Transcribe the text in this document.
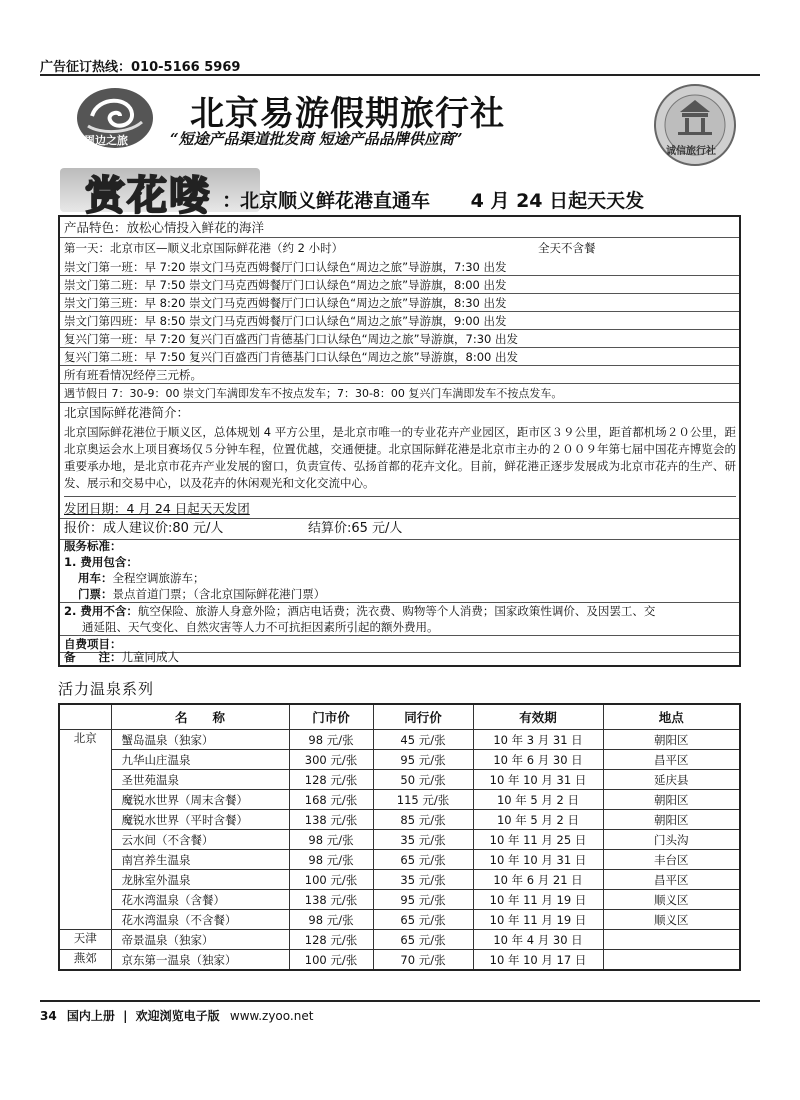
广告征订热线：010-5166 5969
周边之旅
北京易游假期旅行社
“短途产品渠道批发商 短途产品品牌供应商”
诚信旅行社
赏花喽 ：
北京顺义鲜花港直通车 4 月 24 日起天天发
产品特色：放松心情投入鲜花的海洋
第一天：北京市区—顺义北京国际鲜花港（约 2 小时）	全天不含餐
崇文门第一班：早 7:20 崇文门马克西姆餐厅门口认绿色“周边之旅”导游旗，7:30 出发
崇文门第二班：早 7:50 崇文门马克西姆餐厅门口认绿色“周边之旅”导游旗，8:00 出发
崇文门第三班：早 8:20 崇文门马克西姆餐厅门口认绿色“周边之旅”导游旗，8:30 出发
崇文门第四班：早 8:50 崇文门马克西姆餐厅门口认绿色“周边之旅”导游旗，9:00 出发
复兴门第一班：早 7:20 复兴门百盛西门肯德基门口认绿色“周边之旅”导游旗，7:30 出发
复兴门第二班：早 7:50 复兴门百盛西门肯德基门口认绿色“周边之旅”导游旗，8:00 出发
所有班看情况经停三元桥。
遇节假日 7：30-9：00 崇文门车满即发车不按点发车；7：30-8：00 复兴门车满即发车不按点发车。
北京国际鲜花港简介：
北京国际鲜花港位于顺义区，总体规划 4 平方公里，是北京市唯一的专业花卉产业园区，距市区３９公里，距首都机场２０公里，距北京奥运会水上项目赛场仅５分钟车程，位置优越，交通便捷。北京国际鲜花港是北京市主办的２００９年第七届中国花卉博览会的重要承办地，是北京市花卉产业发展的窗口，负责宣传、弘扬首都的花卉文化。目前，鲜花港正逐步发展成为北京市花卉的生产、研发、展示和交易中心，以及花卉的休闲观光和文化交流中心。
发团日期：4 月 24 日起天天发团
报价：成人建议价:80 元/人	结算价:65 元/人
服务标准：
1. 费用包含：
用车：全程空调旅游车；
门票：景点首道门票；（含北京国际鲜花港门票）
2. 费用不含：航空保险、旅游人身意外险；酒店电话费；洗衣费、购物等个人消费；国家政策性调价、及因罢工、交
通延阻、天气变化、自然灾害等人力不可抗拒因素所引起的额外费用。
自费项目：
备　　注：儿童同成人
活力温泉系列
	名　　称	门市价	同行价	有效期	地点
北京	蟹岛温泉（独家）	98 元/张	45 元/张	10 年 3 月 31 日	朝阳区
	九华山庄温泉	300 元/张	95 元/张	10 年 6 月 30 日	昌平区
	圣世苑温泉	128 元/张	50 元/张	10 年 10 月 31 日	延庆县
	魔锐水世界（周末含餐）	168 元/张	115 元/张	10 年 5 月 2 日	朝阳区
	魔锐水世界（平时含餐）	138 元/张	85 元/张	10 年 5 月 2 日	朝阳区
	云水间（不含餐）	98 元/张	35 元/张	10 年 11 月 25 日	门头沟
	南宫养生温泉	98 元/张	65 元/张	10 年 10 月 31 日	丰台区
	龙脉室外温泉	100 元/张	35 元/张	10 年 6 月 21 日	昌平区
	花水湾温泉（含餐）	138 元/张	95 元/张	10 年 11 月 19 日	顺义区
	花水湾温泉（不含餐）	98 元/张	65 元/张	10 年 11 月 19 日	顺义区
天津	帝景温泉（独家）	128 元/张	65 元/张	10 年 4 月 30 日	
燕郊	京东第一温泉（独家）	100 元/张	70 元/张	10 年 10 月 17 日	
34 国内上册 | 欢迎浏览电子版 www.zyoo.net
